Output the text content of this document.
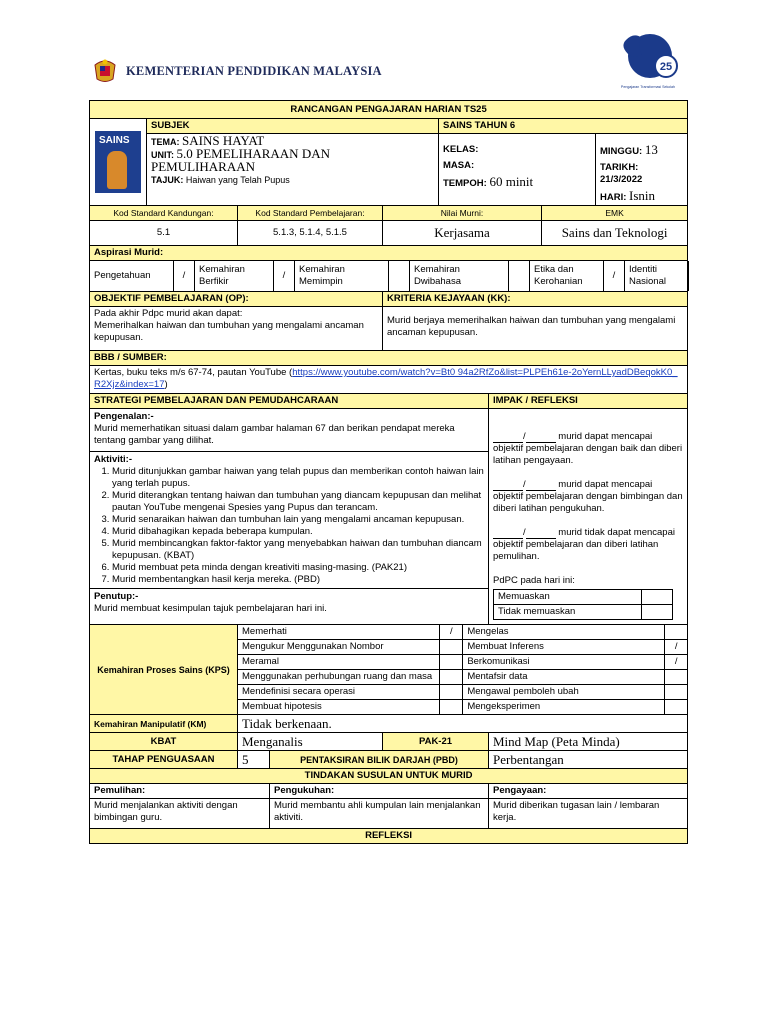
KEMENTERIAN PENDIDIKAN MALAYSIA	25
Pengajaran Transformasi Sekolah
RANCANGAN PENGAJARAN HARIAN TS25

SAINS
	SUBJEK	SAINS TAHUN 6

TEMA: SAINS HAYAT
UNIT: 5.0 PEMELIHARAAN DAN PEMULIHARAAN
TAJUK: Haiwan yang Telah Pupus

KELAS:
MASA:
TEMPOH: 60 minit

MINGGU: 13
TARIKH: 21/3/2022
HARI: Isnin

Kod Standard Kandungan:	Kod Standard Pembelajaran:	Nilai Murni:	EMK
5.1	5.1.3, 5.1.4, 5.1.5	Kerjasama	Sains dan Teknologi
Aspirasi Murid:

Pengetahuan	/	Kemahiran Berfikir	/	Kemahiran Memimpin		Kemahiran Dwibahasa		Etika dan Kerohanian	/	Identiti Nasional	

OBJEKTIF PEMBELAJARAN (OP):	KRITERIA KEJAYAAN (KK):

Pada akhir Pdpc murid akan dapat:
Memerihalkan haiwan dan tumbuhan yang mengalami ancaman kepupusan.
	Murid berjaya memerihalkan haiwan dan tumbuhan yang mengalami ancaman kepupusan.
BBB / SUMBER:
Kertas, buku teks m/s 67-74, pautan YouTube (https://www.youtube.com/watch?v=Bt0 94a2RfZo&list=PLPEh61e-2oYernLLyadDBeqokK0_R2Xjz&index=17)
STRATEGI PEMBELAJARAN DAN PEMUDAHCARAAN	IMPAK / REFLEKSI

Pengenalan:-
Murid memerhatikan situasi dalam gambar halaman 67 dan berikan pendapat mereka tentang gambar yang dilihat.
Aktiviti:-
1. Murid ditunjukkan gambar haiwan yang telah pupus dan memberikan contoh haiwan lain yang terlah pupus.
2. Murid diterangkan tentang haiwan dan tumbuhan yang diancam kepupusan dan melihat pautan YouTube mengenai Spesies yang Pupus dan terancam.
3. Murid senaraikan haiwan dan tumbuhan lain yang mengalami ancaman kepupusan.
4. Murid dibahagikan kepada beberapa kumpulan.
5. Murid membincangkan faktor-faktor yang menyebabkan haiwan dan tumbuhan diancam kepupusan. (KBAT)
6. Murid membuat peta minda dengan kreativiti masing-masing. (PAK21)
7. Murid membentangkan hasil kerja mereka. (PBD)
Penutup:-
Murid membuat kesimpulan tajuk pembelajaran hari ini.

/	murid dapat mencapai objektif pembelajaran dengan baik dan diberi latihan pengayaan.
/	murid dapat mencapai objektif pembelajaran dengan bimbingan dan diberi latihan pengukuhan.
/	murid tidak dapat mencapai objektif pembelajaran dan diberi latihan pemulihan.
PdPC pada hari ini:
Memuaskan	
Tidak memuaskan	

Kemahiran Proses Sains (KPS)	
Memerhati	/	Mengelas	
Mengukur Menggunakan Nombor		Membuat Inferens	/
Meramal		Berkomunikasi	/
Menggunakan perhubungan ruang dan masa		Mentafsir data	
Mendefinisi secara operasi		Mengawal pemboleh ubah	
Membuat hipotesis		Mengeksperimen	

Kemahiran Manipulatif (KM)	Tidak berkenaan.
KBAT	Menganalis	PAK-21	Mind Map (Peta Minda)
TAHAP PENGUASAAN	5	PENTAKSIRAN BILIK DARJAH (PBD)	Perbentangan
TINDAKAN SUSULAN UNTUK MURID
Pemulihan:	Pengukuhan:	Pengayaan:
Murid menjalankan aktiviti dengan bimbingan guru.	Murid membantu ahli kumpulan lain menjalankan aktiviti.	Murid diberikan tugasan lain / lembaran kerja.
REFLEKSI
